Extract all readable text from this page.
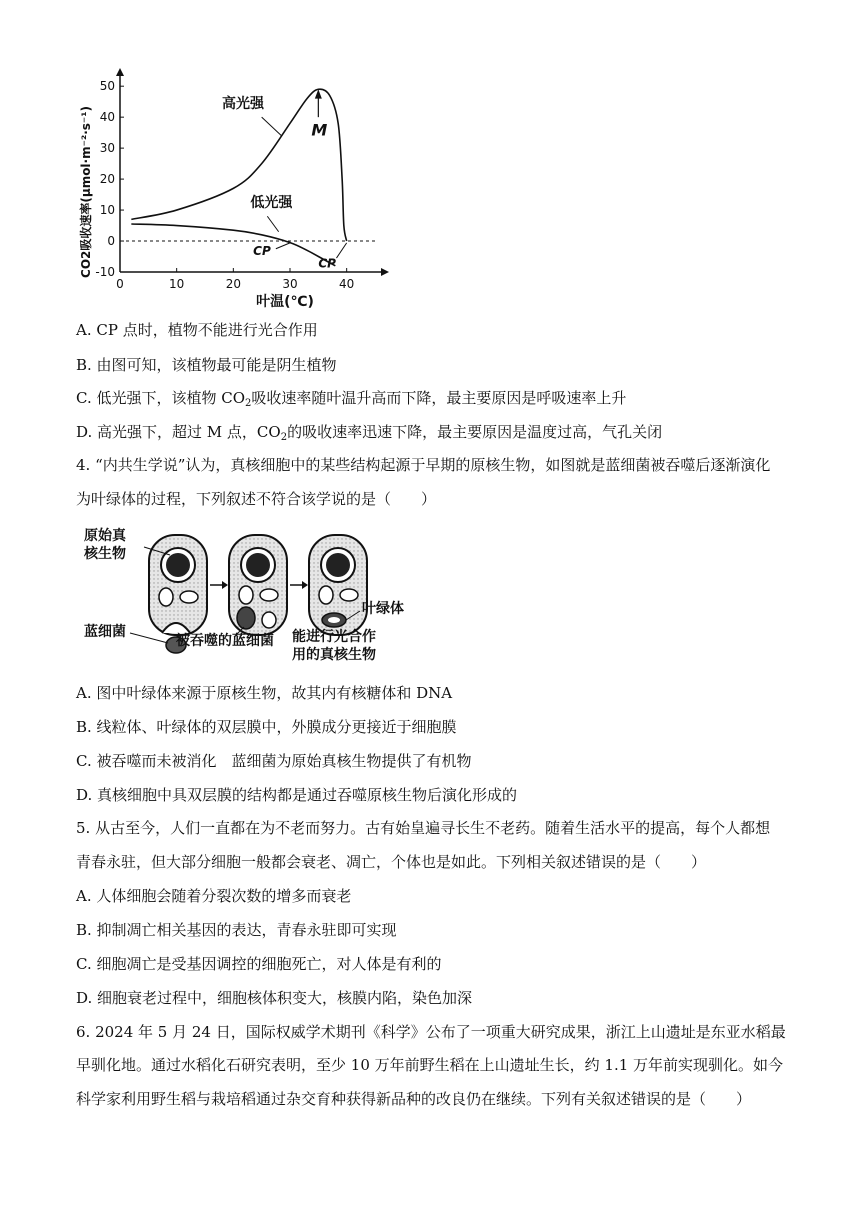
-10
0
10
20
30
40
50
0	10	20	30	40
高光强
低光强
M
CP
CP
叶温(℃)
CO2吸收速率(μmol·m⁻²·s⁻¹)
A. CP 点时，植物不能进行光合作用
B. 由图可知，该植物最可能是阴生植物
C. 低光强下，该植物 $CO_2$吸收速率随叶温升高而下降，最主要原因是呼吸速率上升
D. 高光强下，超过 M 点，$CO_2$的吸收速率迅速下降，最主要原因是温度过高，气孔关闭
4. “内共生学说”认为，真核细胞中的某些结构起源于早期的原核生物，如图就是蓝细菌被吞噬后逐渐演化
为叶绿体的过程，下列叙述不符合该学说的是（　　）
原始真
核生物
蓝细菌
被吞噬的蓝细菌
叶绿体
能进行光合作
用的真核生物
A. 图中叶绿体来源于原核生物，故其内有核糖体和 DNA
B. 线粒体、叶绿体的双层膜中，外膜成分更接近于细胞膜
C. 被吞噬而未被消化　蓝细菌为原始真核生物提供了有机物
D. 真核细胞中具双层膜的结构都是通过吞噬原核生物后演化形成的
5. 从古至今，人们一直都在为不老而努力。古有始皇遍寻长生不老药。随着生活水平的提高，每个人都想
青春永驻，但大部分细胞一般都会衰老、凋亡，个体也是如此。下列相关叙述错误的是（　　）
A. 人体细胞会随着分裂次数的增多而衰老
B. 抑制凋亡相关基因的表达，青春永驻即可实现
C. 细胞凋亡是受基因调控的细胞死亡，对人体是有利的
D. 细胞衰老过程中，细胞核体积变大，核膜内陷，染色加深
6. 2024 年 5 月 24 日，国际权威学术期刊《科学》公布了一项重大研究成果，浙江上山遗址是东亚水稻最
早驯化地。通过水稻化石研究表明，至少 10 万年前野生稻在上山遗址生长，约 1.1 万年前实现驯化。如今
科学家利用野生稻与栽培稻通过杂交育种获得新品种的改良仍在继续。下列有关叙述错误的是（　　）
